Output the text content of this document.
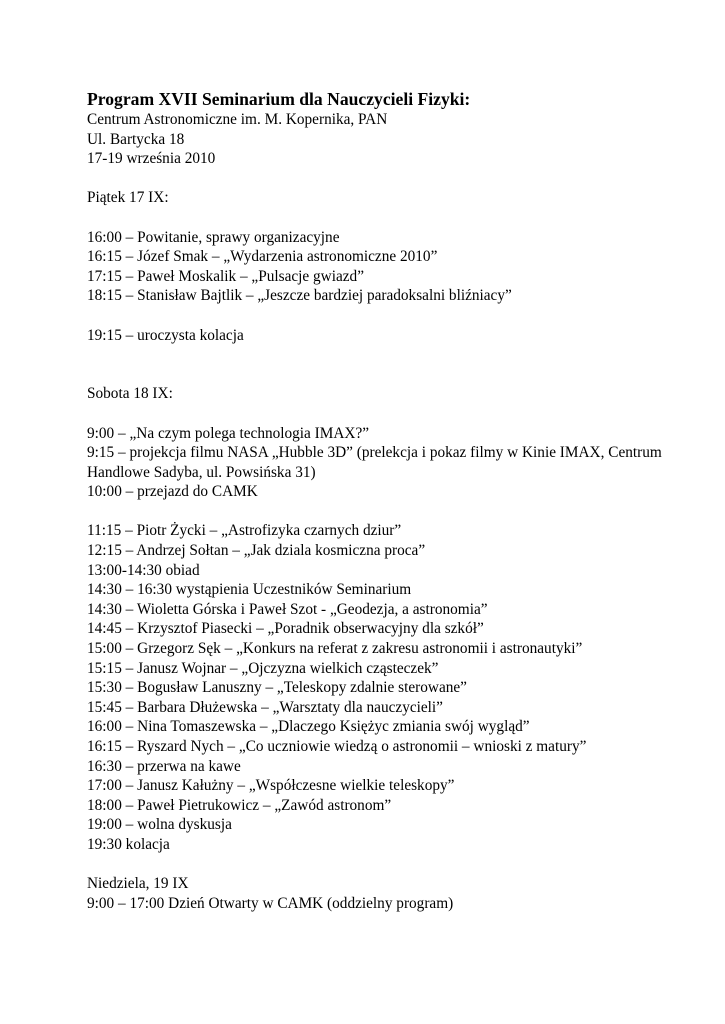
Program XVII Seminarium dla Nauczycieli Fizyki:
Centrum Astronomiczne im. M. Kopernika, PAN
Ul. Bartycka 18
17-19 września 2010
Piątek 17 IX:
16:00 – Powitanie, sprawy organizacyjne
16:15 – Józef Smak – „Wydarzenia astronomiczne 2010”
17:15 – Paweł Moskalik – „Pulsacje gwiazd”
18:15 – Stanisław Bajtlik – „Jeszcze bardziej paradoksalni bliźniacy”
19:15 – uroczysta kolacja
Sobota 18 IX:
9:00 – „Na czym polega technologia IMAX?”
9:15 – projekcja filmu NASA „Hubble 3D” (prelekcja i pokaz filmy w Kinie IMAX, Centrum Handlowe Sadyba, ul. Powsińska 31)
10:00 – przejazd do CAMK
11:15 – Piotr Życki – „Astrofizyka czarnych dziur”
12:15 – Andrzej Sołtan – „Jak dziala kosmiczna proca”
13:00-14:30 obiad
14:30 – 16:30 wystąpienia Uczestników Seminarium
14:30 – Wioletta Górska i Paweł Szot - „Geodezja, a astronomia”
14:45 – Krzysztof Piasecki – „Poradnik obserwacyjny dla szkół”
15:00 – Grzegorz Sęk – „Konkurs na referat z zakresu astronomii i astronautyki”
15:15 – Janusz Wojnar – „Ojczyzna wielkich cząsteczek”
15:30 – Bogusław Lanuszny – „Teleskopy zdalnie sterowane”
15:45 – Barbara Dłużewska – „Warsztaty dla nauczycieli”
16:00 – Nina Tomaszewska – „Dlaczego Księżyc zmiania swój wygląd”
16:15 – Ryszard Nych – „Co uczniowie wiedzą o astronomii – wnioski z matury”
16:30 – przerwa na kawe
17:00 – Janusz Kałużny – „Współczesne wielkie teleskopy”
18:00 – Paweł Pietrukowicz – „Zawód astronom”
19:00 – wolna dyskusja
19:30 kolacja
Niedziela, 19 IX
9:00 – 17:00 Dzień Otwarty w CAMK (oddzielny program)
